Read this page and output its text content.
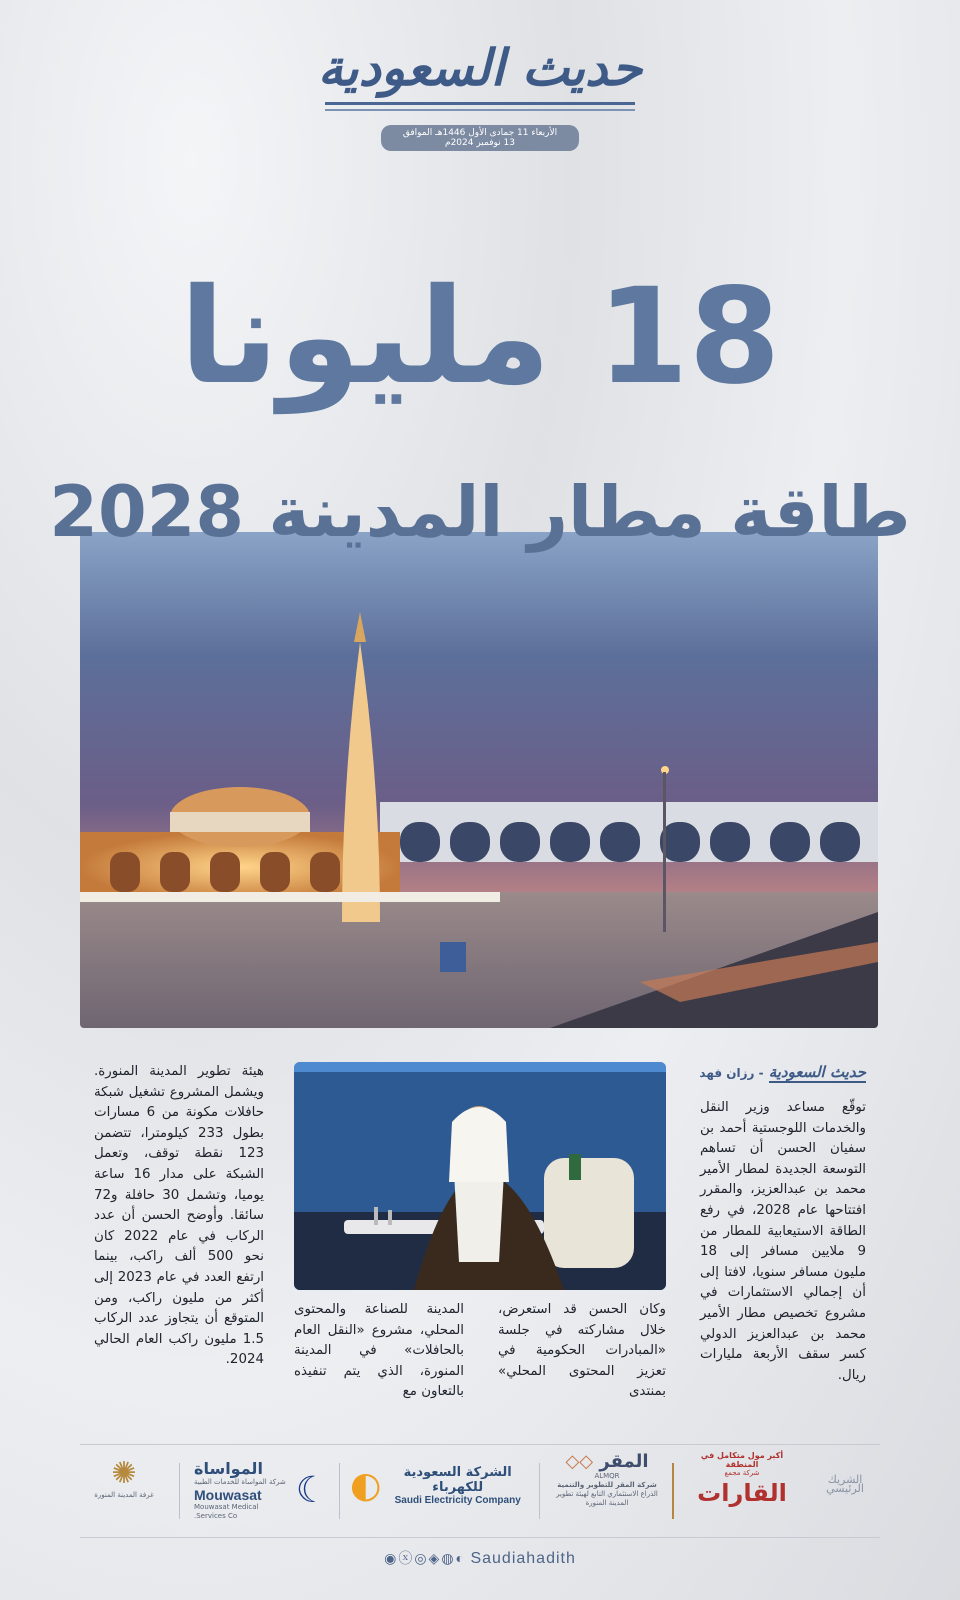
حديث السعودية
الأربعاء 11 جمادى الأول 1446هـ الموافق 13 نوفمبر 2024م
18 مليونا
طاقة مطار المدينة 2028
حديث السعودية - رزان فهد
توقّع مساعد وزير النقل والخدمات اللوجستية أحمد بن سفيان الحسن أن تساهم التوسعة الجديدة لمطار الأمير محمد بن عبدالعزيز، والمقرر افتتاحها عام 2028، في رفع الطاقة الاستيعابية للمطار من 9 ملايين مسافر إلى 18 مليون مسافر سنويا، لافتا إلى أن إجمالي الاستثمارات في مشروع تخصيص مطار الأمير محمد بن عبدالعزيز الدولي كسر سقف الأربعة مليارات ريال.
وكان الحسن قد استعرض، خلال مشاركته في جلسة «المبادرات الحكومية في تعزيز المحتوى المحلي» بمنتدى
المدينة للصناعة والمحتوى المحلي، مشروع «النقل العام بالحافلات» في المدينة المنورة، الذي يتم تنفيذه بالتعاون مع
هيئة تطوير المدينة المنورة. ويشمل المشروع تشغيل شبكة حافلات مكونة من 6 مسارات بطول 233 كيلومترا، تتضمن 123 نقطة توقف، وتعمل الشبكة على مدار 16 ساعة يوميا، وتشمل 30 حافلة و72 سائقا. وأوضح الحسن أن عدد الركاب في عام 2022 كان نحو 500 ألف راكب، بينما ارتفع العدد في عام 2023 إلى أكثر من مليون راكب، ومن المتوقع أن يتجاوز عدد الركاب 1.5 مليون راكب العام الحالي 2024.
الشريك الرئيسي
أكبر مول متكامل في المنطقة
شركة مجمع
القارات
المقر ◇◇
ALMQR
شركة المقر للتطوير والتنمية
الذراع الاستثماري التابع لهيئة تطوير المدينة المنورة
الشركة السعودية للكهرباء
Saudi Electricity Company
◐
☾
المواساة
شركة المواساة للخدمات الطبية
Mouwasat
Mouwasat Medical Services Co.
✺
غرفة المدينة المنورة
◉ⓧ◎◈◍◐ Saudiahadith
